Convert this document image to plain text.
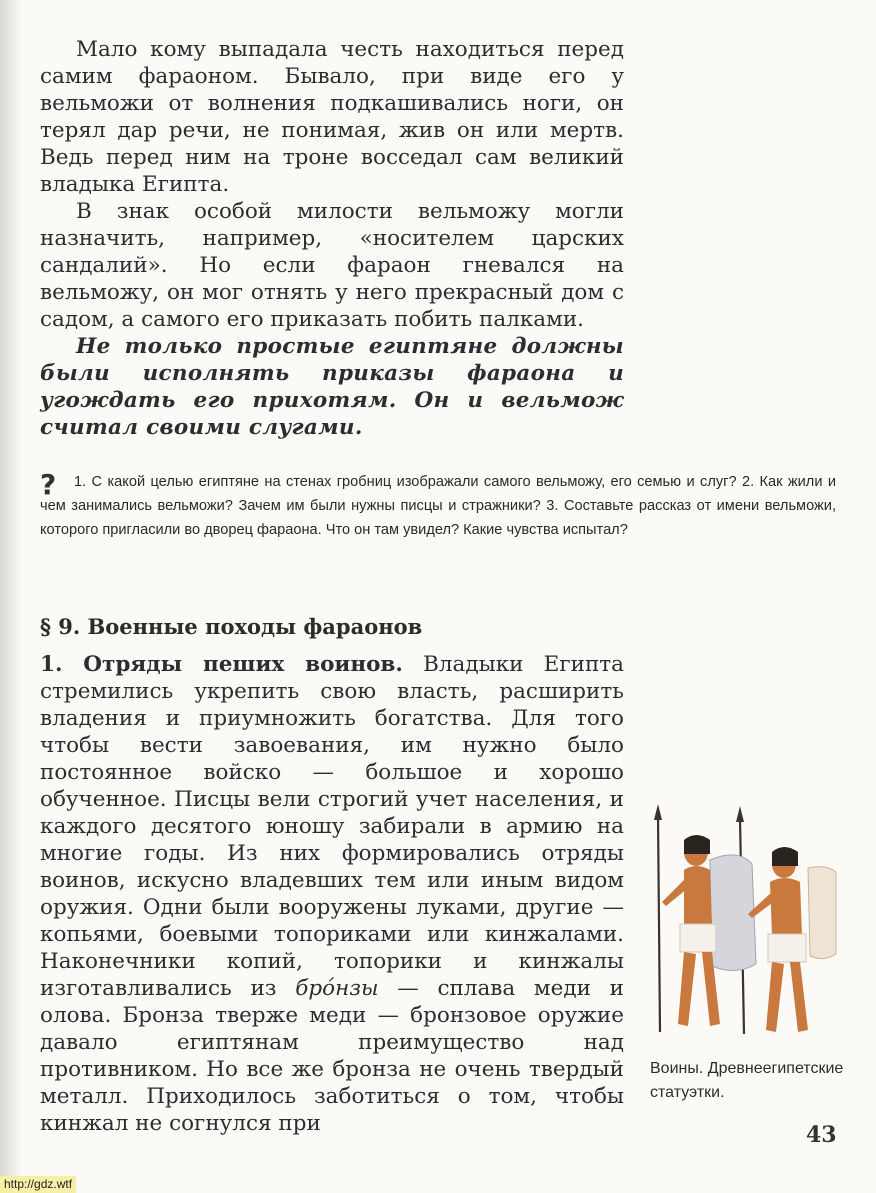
Мало кому выпадала честь находиться перед самим фараоном. Бывало, при виде его у вельможи от волнения подкашивались ноги, он терял дар речи, не понимая, жив он или мертв. Ведь перед ним на троне восседал сам великий владыка Египта.

В знак особой милости вельможу могли назначить, например, «носителем царских сандалий». Но если фараон гневался на вельможу, он мог отнять у него прекрасный дом с садом, а самого его приказать побить палками.

Не только простые египтяне должны были исполнять приказы фараона и угождать его прихотям. Он и вельмож считал своими слугами.

?	1. С какой целью египтяне на стенах гробниц изображали самого вельможу, его семью и слуг? 2. Как жили и чем занимались вельможи? Зачем им были нужны писцы и стражники? 3. Составьте рассказ от имени вельможи, которого пригласили во дворец фараона. Что он там увидел? Какие чувства испытал?

§ 9. Военные походы фараонов

1. Отряды пеших воинов. Владыки Египта стремились укрепить свою власть, расширить владения и приумножить богатства. Для того чтобы вести завоевания, им нужно было постоянное войско — большое и хорошо обученное. Писцы вели строгий учет населения, и каждого десятого юношу забирали в армию на многие годы. Из них формировались отряды воинов, искусно владевших тем или иным видом оружия. Одни были вооружены луками, другие — копьями, боевыми топориками или кинжалами. Наконечники копий, топорики и кинжалы изготавливались из бро́нзы — сплава меди и олова. Бронза тверже меди — бронзовое оружие давало египтянам преимущество над противником. Но все же бронза не очень твердый металл. Приходилось заботиться о том, чтобы кинжал не согнулся при

Воины. Древнеегипетские статуэтки.
43
http://gdz.wtf
